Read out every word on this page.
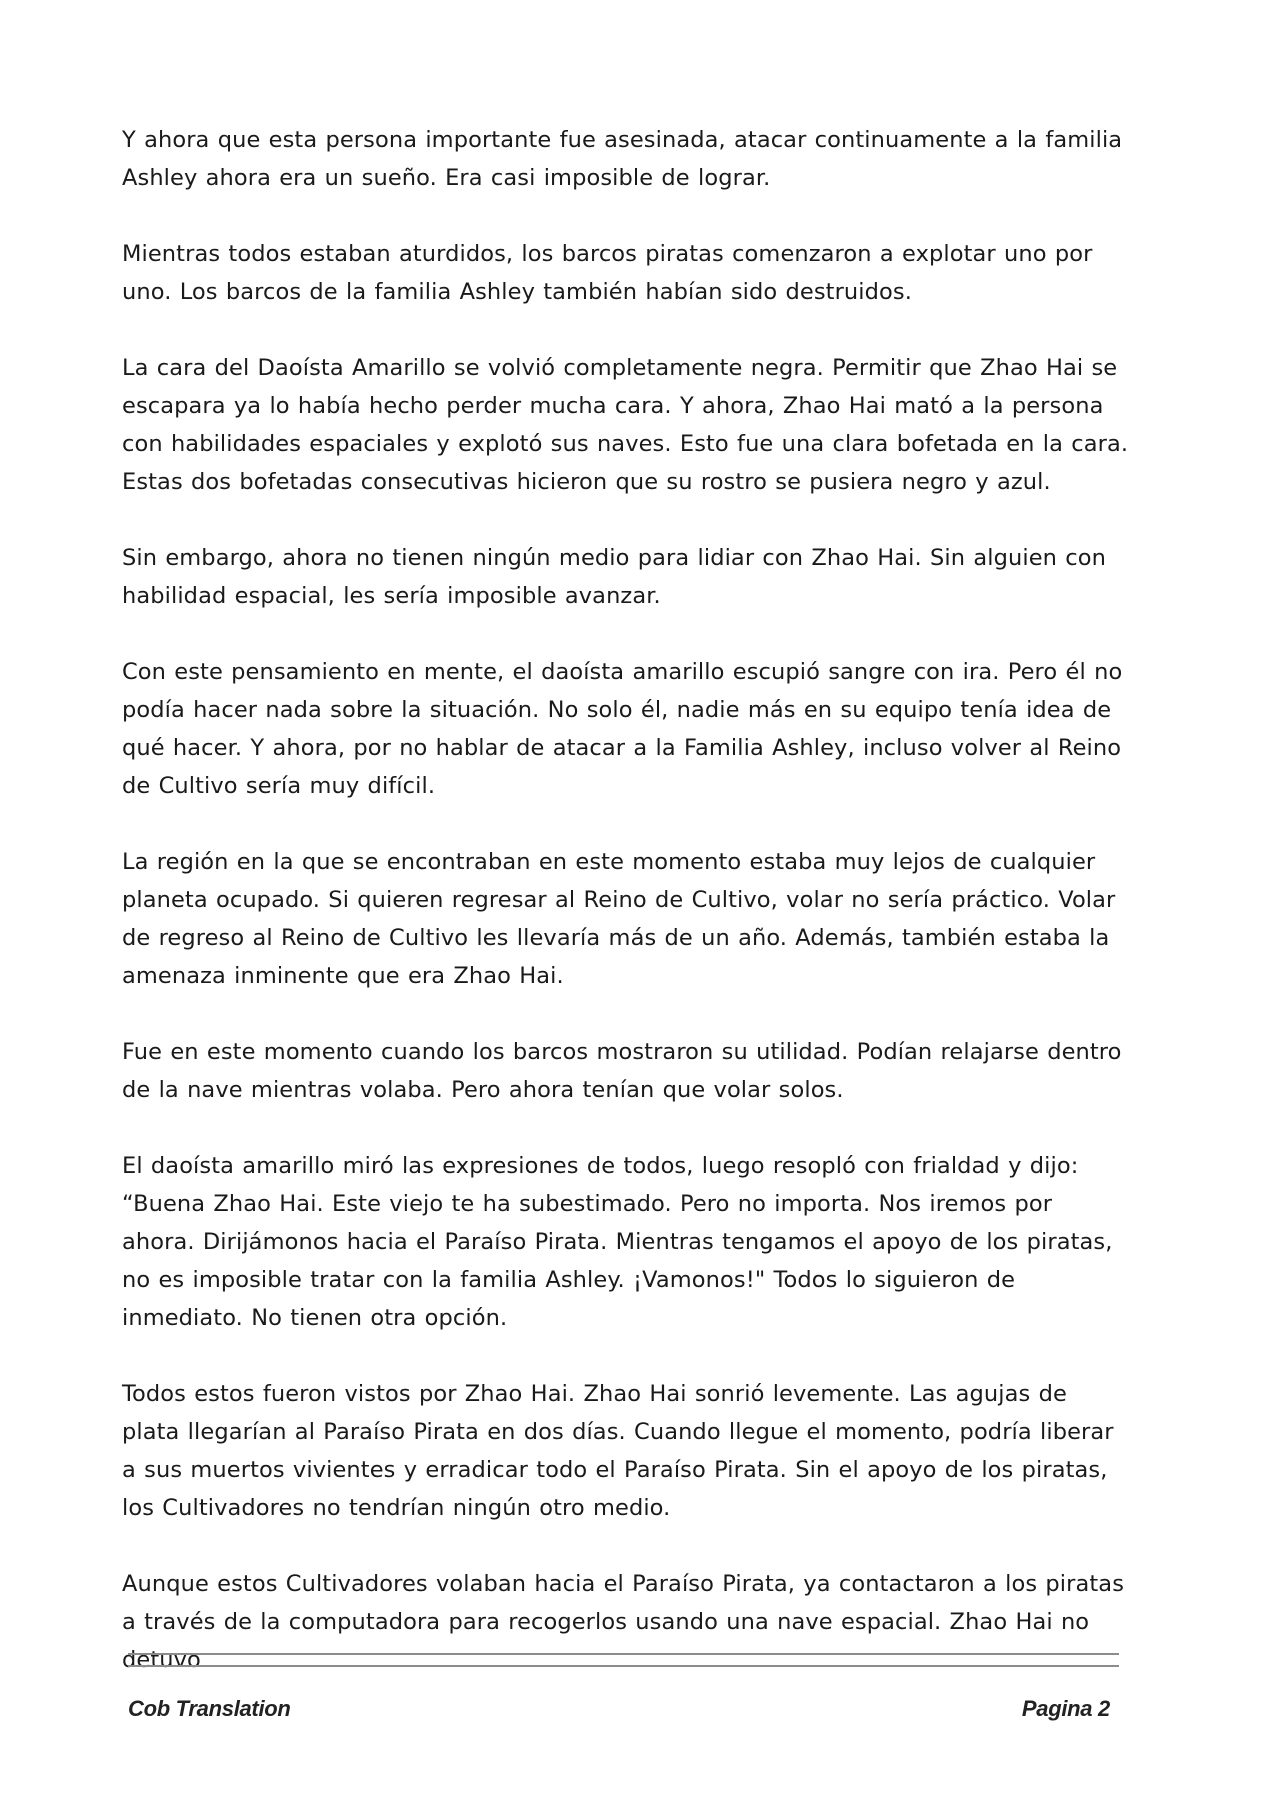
Y ahora que esta persona importante fue asesinada, atacar continuamente a la familia Ashley ahora era un sueño. Era casi imposible de lograr.

Mientras todos estaban aturdidos, los barcos piratas comenzaron a explotar uno por uno. Los barcos de la familia Ashley también habían sido destruidos.

La cara del Daoísta Amarillo se volvió completamente negra. Permitir que Zhao Hai se escapara ya lo había hecho perder mucha cara. Y ahora, Zhao Hai mató a la persona con habilidades espaciales y explotó sus naves. Esto fue una clara bofetada en la cara. Estas dos bofetadas consecutivas hicieron que su rostro se pusiera negro y azul.

Sin embargo, ahora no tienen ningún medio para lidiar con Zhao Hai. Sin alguien con habilidad espacial, les sería imposible avanzar.

Con este pensamiento en mente, el daoísta amarillo escupió sangre con ira. Pero él no podía hacer nada sobre la situación. No solo él, nadie más en su equipo tenía idea de qué hacer. Y ahora, por no hablar de atacar a la Familia Ashley, incluso volver al Reino de Cultivo sería muy difícil.

La región en la que se encontraban en este momento estaba muy lejos de cualquier planeta ocupado. Si quieren regresar al Reino de Cultivo, volar no sería práctico. Volar de regreso al Reino de Cultivo les llevaría más de un año. Además, también estaba la amenaza inminente que era Zhao Hai.

Fue en este momento cuando los barcos mostraron su utilidad. Podían relajarse dentro de la nave mientras volaba. Pero ahora tenían que volar solos.

El daoísta amarillo miró las expresiones de todos, luego resopló con frialdad y dijo: “Buena Zhao Hai. Este viejo te ha subestimado. Pero no importa. Nos iremos por ahora. Dirijámonos hacia el Paraíso Pirata. Mientras tengamos el apoyo de los piratas, no es imposible tratar con la familia Ashley. ¡Vamonos!" Todos lo siguieron de inmediato. No tienen otra opción.

Todos estos fueron vistos por Zhao Hai. Zhao Hai sonrió levemente. Las agujas de plata llegarían al Paraíso Pirata en dos días. Cuando llegue el momento, podría liberar a sus muertos vivientes y erradicar todo el Paraíso Pirata. Sin el apoyo de los piratas, los Cultivadores no tendrían ningún otro medio.

Aunque estos Cultivadores volaban hacia el Paraíso Pirata, ya contactaron a los piratas a través de la computadora para recogerlos usando una nave espacial. Zhao Hai no detuvo

Cob Translation	Pagina 2
